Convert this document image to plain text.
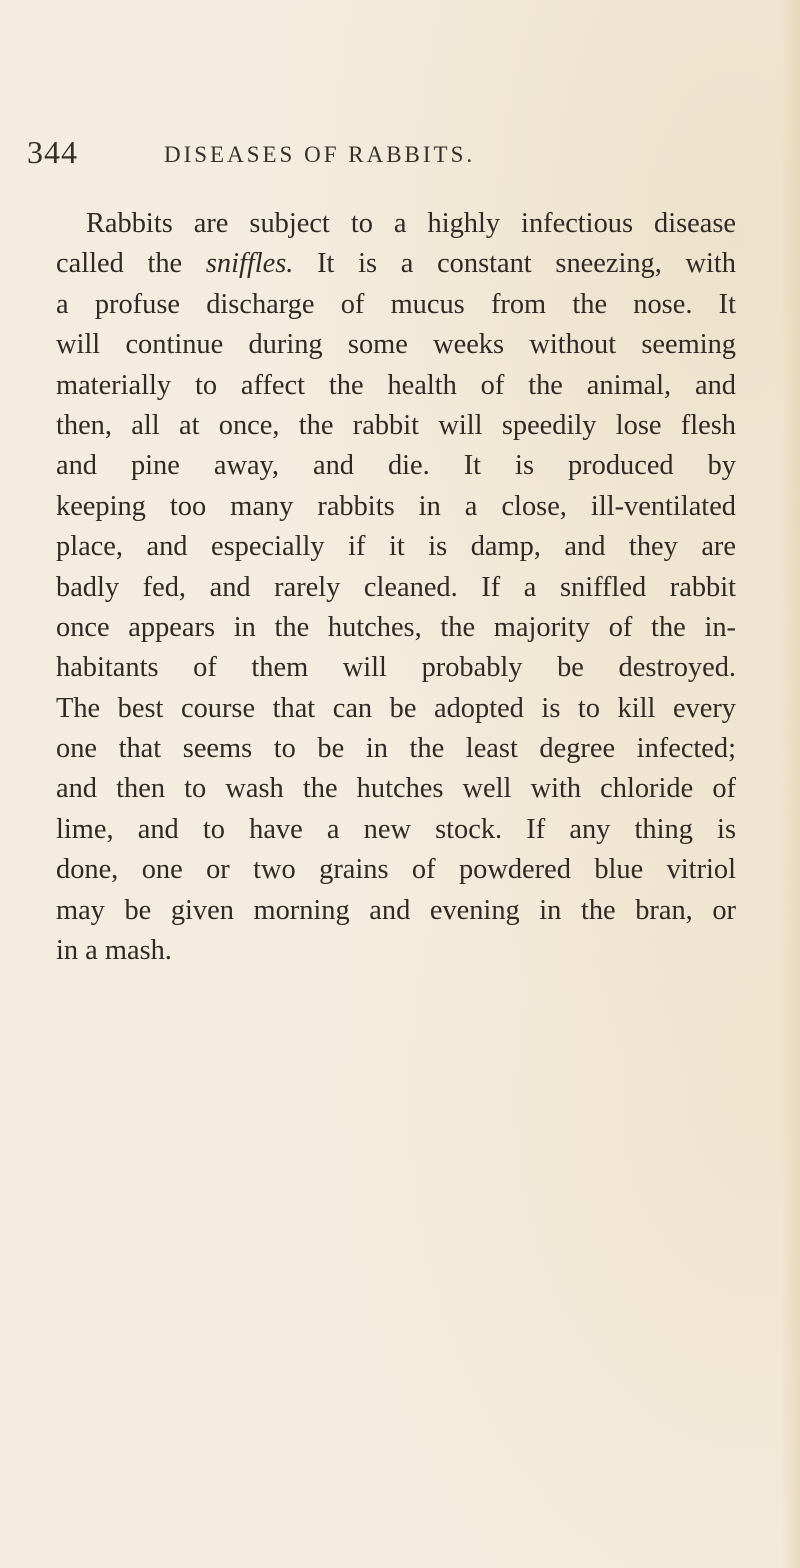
344	DISEASES OF RABBITS.
Rabbits are subject to a highly infectious disease
called the sniffles. It is a constant sneezing, with
a profuse discharge of mucus from the nose. It
will continue during some weeks without seeming
materially to affect the health of the animal, and
then, all at once, the rabbit will speedily lose flesh
and pine away, and die. It is produced by
keeping too many rabbits in a close, ill-ventilated
place, and especially if it is damp, and they are
badly fed, and rarely cleaned. If a sniffled rabbit
once appears in the hutches, the majority of the in-
habitants of them will probably be destroyed.
The best course that can be adopted is to kill every
one that seems to be in the least degree infected;
and then to wash the hutches well with chloride of
lime, and to have a new stock. If any thing is
done, one or two grains of powdered blue vitriol
may be given morning and evening in the bran, or
in a mash.
